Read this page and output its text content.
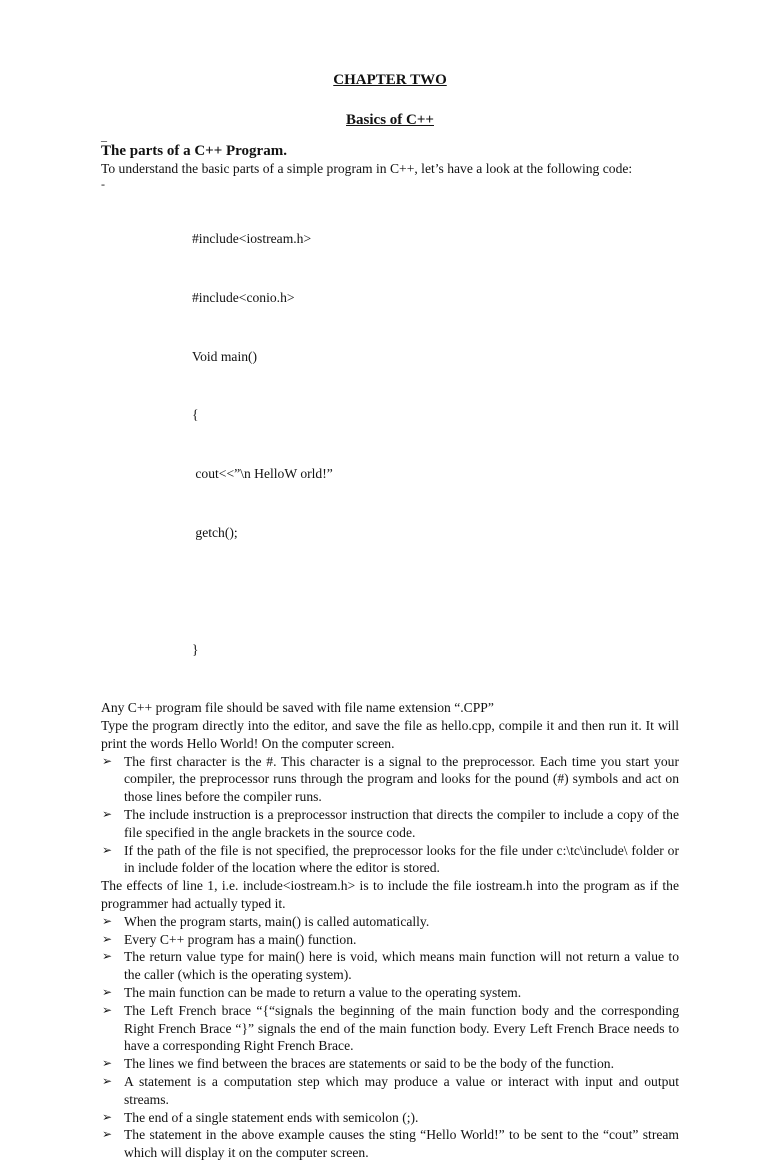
CHAPTER TWO
Basics of C++
_
The parts of a C++ Program.

To understand the basic parts of a simple program in C++, let’s have a look at the following code:

-

#include<iostream.h>

#include<conio.h>

Void main()

{

cout<<”\n HelloW orld!”

getch();

}

Any C++ program file should be saved with file name extension “.CPP”

Type the program directly into the editor, and save the file as hello.cpp, compile it and then run it. It will print the words Hello World! On the computer screen.

➢ The first character is the #. This character is a signal to the preprocessor. Each time you start your compiler, the preprocessor runs through the program and looks for the pound (#) symbols and act on those lines before the compiler runs.
➢ The include instruction is a preprocessor instruction that directs the compiler to include a copy of the file specified in the angle brackets in the source code.
➢ If the path of the file is not specified, the preprocessor looks for the file under c:\tc\include\ folder or in include folder of the location where the editor is stored.

The effects of line 1, i.e. include<iostream.h> is to include the file iostream.h into the program as if the programmer had actually typed it.

➢ When the program starts, main() is called automatically.
➢ Every C++ program has a main() function.
➢ The return value type for main() here is void, which means main function will not return a value to the caller (which is the operating system).
➢ The main function can be made to return a value to the operating system.
➢ The Left French brace “{“signals the beginning of the main function body and the corresponding Right French Brace “}” signals the end of the main function body. Every Left French Brace needs to have a corresponding Right French Brace.
➢ The lines we find between the braces are statements or said to be the body of the function.
➢ A statement is a computation step which may produce a value or interact with input and output streams.
➢ The end of a single statement ends with semicolon (;).
➢ The statement in the above example causes the sting “Hello World!” to be sent to the “cout” stream which will display it on the computer screen.
